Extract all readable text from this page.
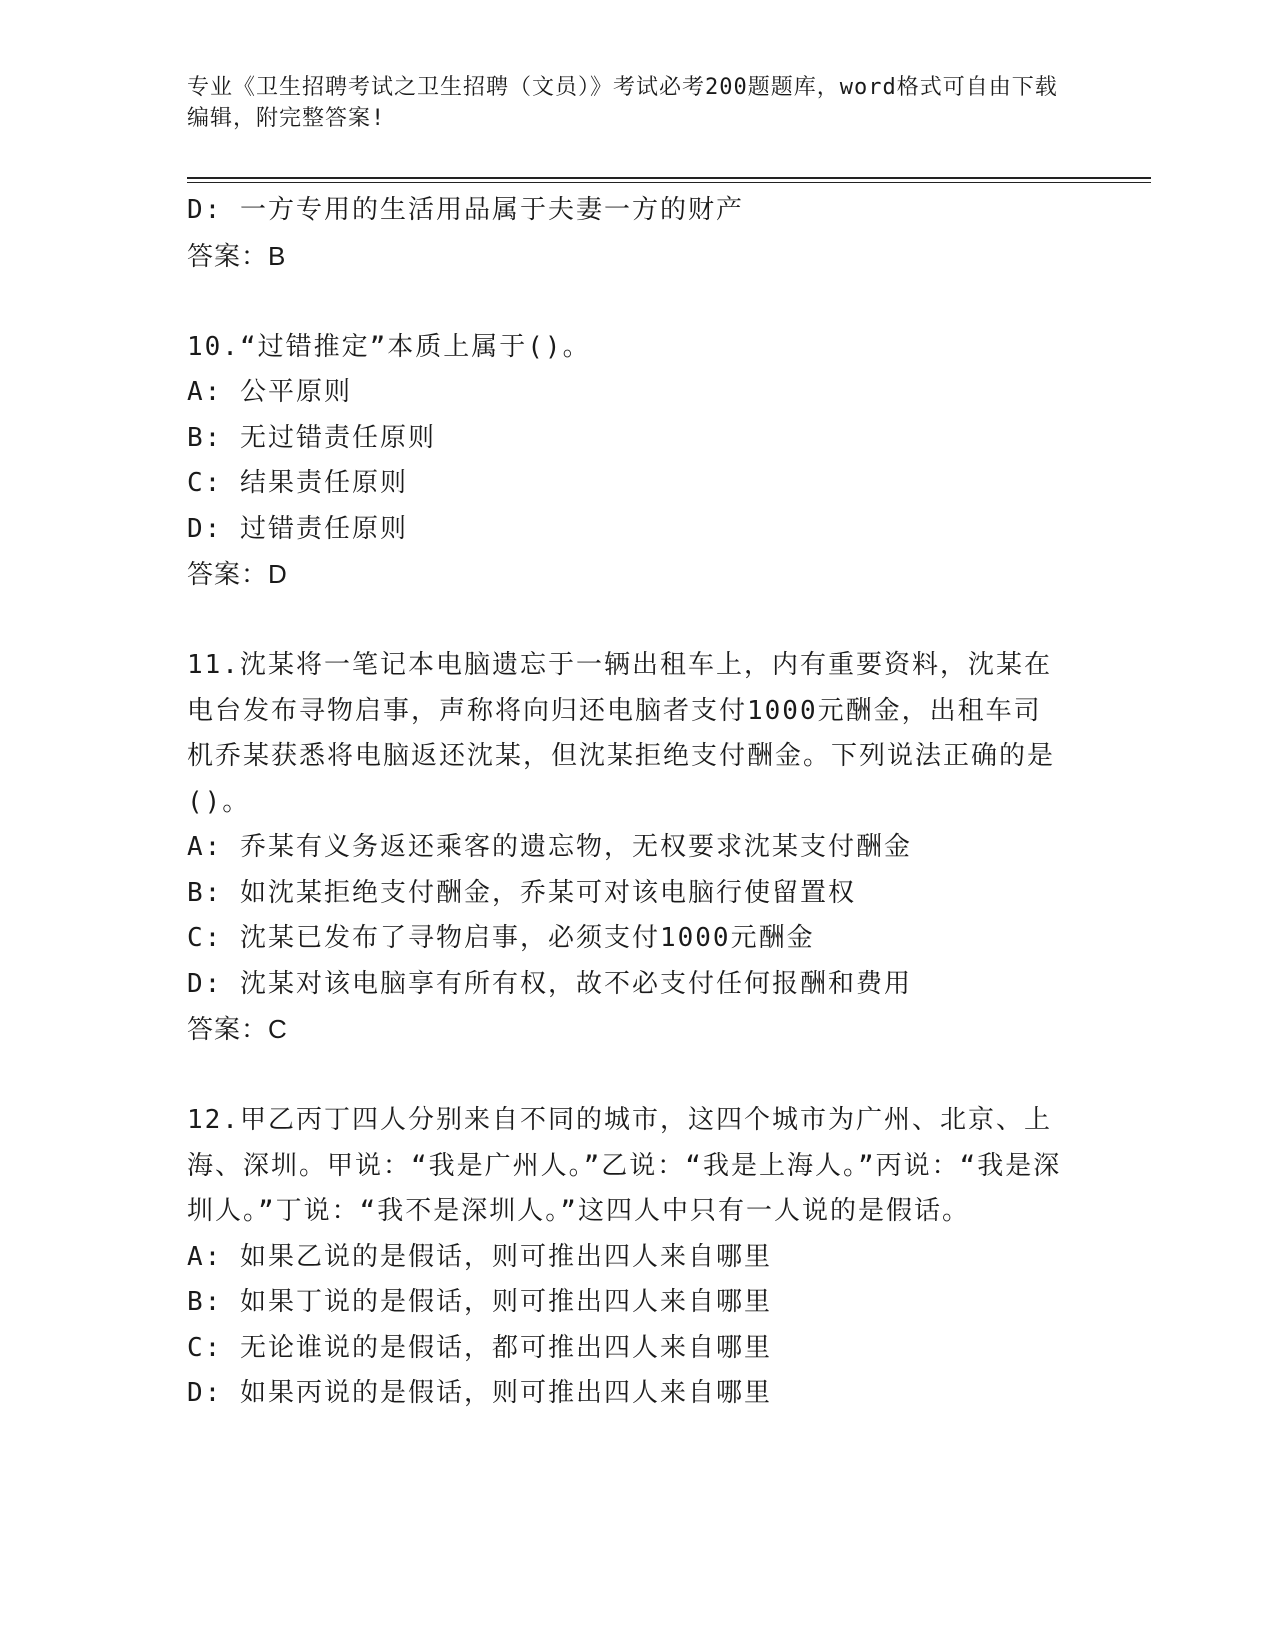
专业《卫生招聘考试之卫生招聘（文员）》考试必考200题题库，word格式可自由下载编辑，附完整答案!

D: 一方专用的生活用品属于夫妻一方的财产

答案：B

10.“过错推定”本质上属于()。

A: 公平原则

B: 无过错责任原则

C: 结果责任原则

D: 过错责任原则

答案：D

11.沈某将一笔记本电脑遗忘于一辆出租车上，内有重要资料，沈某在电台发布寻物启事，声称将向归还电脑者支付1000元酬金，出租车司机乔某获悉将电脑返还沈某，但沈某拒绝支付酬金。下列说法正确的是()。

A: 乔某有义务返还乘客的遗忘物，无权要求沈某支付酬金

B: 如沈某拒绝支付酬金，乔某可对该电脑行使留置权

C: 沈某已发布了寻物启事，必须支付1000元酬金

D: 沈某对该电脑享有所有权，故不必支付任何报酬和费用

答案：C

12.甲乙丙丁四人分别来自不同的城市，这四个城市为广州、北京、上海、深圳。甲说：“我是广州人。”乙说：“我是上海人。”丙说：“我是深圳人。”丁说：“我不是深圳人。”这四人中只有一人说的是假话。

A: 如果乙说的是假话，则可推出四人来自哪里

B: 如果丁说的是假话，则可推出四人来自哪里

C: 无论谁说的是假话，都可推出四人来自哪里

D: 如果丙说的是假话，则可推出四人来自哪里
